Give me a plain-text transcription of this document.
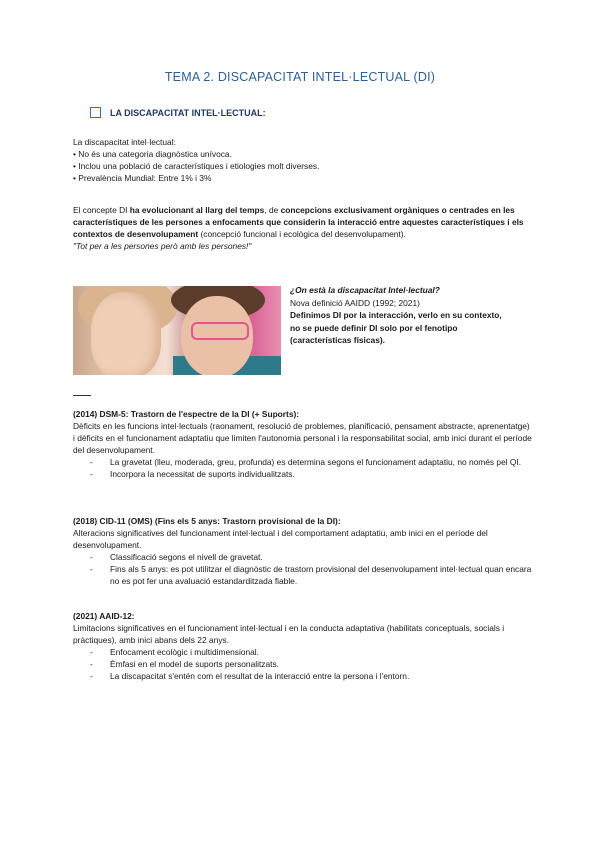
TEMA 2. DISCAPACITAT INTEL·LECTUAL (DI)
LA DISCAPACITAT INTEL·LECTUAL:
La discapacitat intel·lectual:
• No és una categoria diagnòstica unívoca.
• Inclou una població de característiques i etiologies molt diverses.
• Prevalència Mundial: Entre 1% i 3%
El concepte DI ha evolucionant al llarg del temps, de concepcions exclusivament orgàniques o centrades en les característiques de les persones a enfocaments que considerin la interacció entre aquestes característiques i els contextos de desenvolupament (concepció funcional i ecològica del desenvolupament).
"Tot per a les persones però amb les persones!"
¿On està la discapacitat Intel·lectual?
Nova definició AAIDD (1992; 2021)
Definimos DI por la interacción, verlo en su contexto, no se puede definir DI solo por el fenotipo (características físicas).
(2014) DSM-5: Trastorn de l'espectre de la DI (+ Suports):
Dèficits en les funcions intel·lectuals (raonament, resolució de problemes, planificació, pensament abstracte, aprenentatge) i dèficits en el funcionament adaptatiu que limiten l'autonomia personal i la responsabilitat social, amb inici durant el període del desenvolupament.
- La gravetat (lleu, moderada, greu, profunda) es determina segons el funcionament adaptatiu, no només pel QI.
- Incorpora la necessitat de suports individualitzats.
(2018) CID-11 (OMS) (Fins els 5 anys: Trastorn provisional de la DI):
Alteracions significatives del funcionament intel·lectual i del comportament adaptatiu, amb inici en el període del desenvolupament.
- Classificació segons el nivell de gravetat.
- Fins als 5 anys: es pot utilitzar el diagnòstic de trastorn provisional del desenvolupament intel·lectual quan encara no es pot fer una avaluació estandarditzada fiable.
(2021) AAID-12:
Limitacions significatives en el funcionament intel·lectual i en la conducta adaptativa (habilitats conceptuals, socials i pràctiques), amb inici abans dels 22 anys.
- Enfocament ecològic i multidimensional.
- Èmfasi en el model de suports personalitzats.
- La discapacitat s'entén com el resultat de la interacció entre la persona i l'entorn.
